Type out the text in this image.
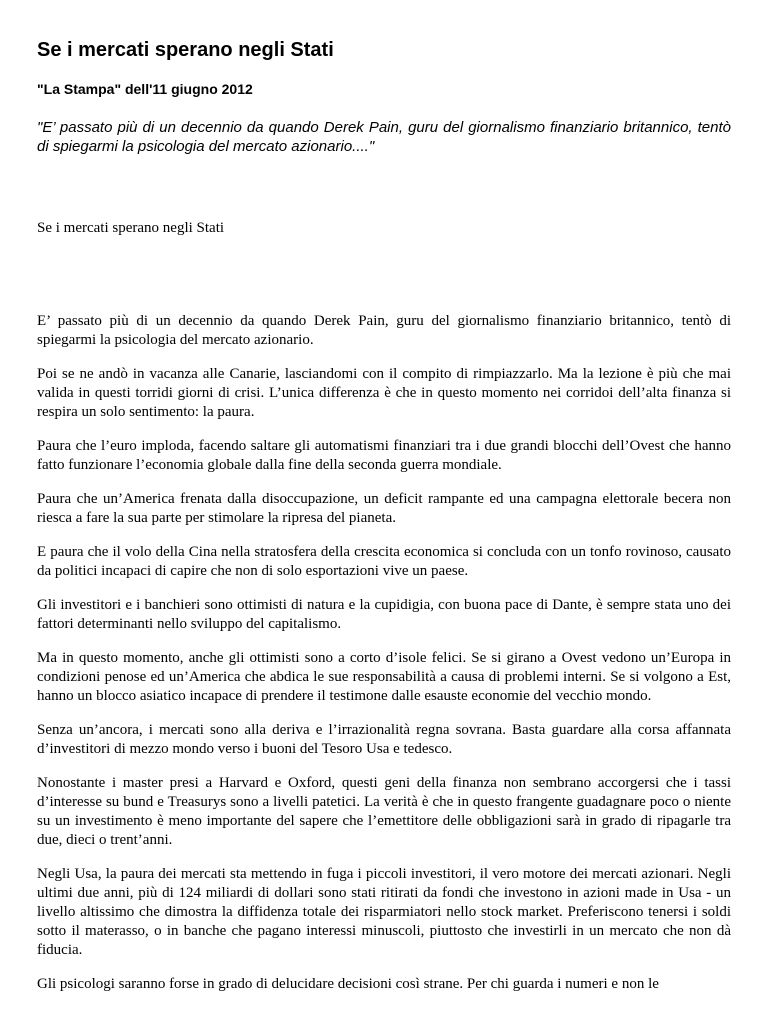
Se i mercati sperano negli Stati
"La Stampa" dell'11 giugno 2012
"E’ passato più di un decennio da quando Derek Pain, guru del giornalismo finanziario britannico, tentò di spiegarmi la psicologia del mercato azionario...."
Se i mercati sperano negli Stati

E’ passato più di un decennio da quando Derek Pain, guru del giornalismo finanziario britannico, tentò di spiegarmi la psicologia del mercato azionario.

Poi se ne andò in vacanza alle Canarie, lasciandomi con il compito di rimpiazzarlo. Ma la lezione è più che mai valida in questi torridi giorni di crisi. L’unica differenza è che in questo momento nei corridoi dell’alta finanza si respira un solo sentimento: la paura.

Paura che l’euro imploda, facendo saltare gli automatismi finanziari tra i due grandi blocchi dell’Ovest che hanno fatto funzionare l’economia globale dalla fine della seconda guerra mondiale.

Paura che un’America frenata dalla disoccupazione, un deficit rampante ed una campagna elettorale becera non riesca a fare la sua parte per stimolare la ripresa del pianeta.

E paura che il volo della Cina nella stratosfera della crescita economica si concluda con un tonfo rovinoso, causato da politici incapaci di capire che non di solo esportazioni vive un paese.

Gli investitori e i banchieri sono ottimisti di natura e la cupidigia, con buona pace di Dante, è sempre stata uno dei fattori determinanti nello sviluppo del capitalismo.

Ma in questo momento, anche gli ottimisti sono a corto d’isole felici. Se si girano a Ovest vedono un’Europa in condizioni penose ed un’America che abdica le sue responsabilità a causa di problemi interni. Se si volgono a Est, hanno un blocco asiatico incapace di prendere il testimone dalle esauste economie del vecchio mondo.

Senza un’ancora, i mercati sono alla deriva e l’irrazionalità regna sovrana. Basta guardare alla corsa affannata d’investitori di mezzo mondo verso i buoni del Tesoro Usa e tedesco.

Nonostante i master presi a Harvard e Oxford, questi geni della finanza non sembrano accorgersi che i tassi d’interesse su bund e Treasurys sono a livelli patetici. La verità è che in questo frangente guadagnare poco o niente su un investimento è meno importante del sapere che l’emettitore delle obbligazioni sarà in grado di ripagarle tra due, dieci o trent’anni.

Negli Usa, la paura dei mercati sta mettendo in fuga i piccoli investitori, il vero motore dei mercati azionari. Negli ultimi due anni, più di 124 miliardi di dollari sono stati ritirati da fondi che investono in azioni made in Usa - un livello altissimo che dimostra la diffidenza totale dei risparmiatori nello stock market. Preferiscono tenersi i soldi sotto il materasso, o in banche che pagano interessi minuscoli, piuttosto che investirli in un mercato che non dà fiducia.

Gli psicologi saranno forse in grado di delucidare decisioni così strane. Per chi guarda i numeri e non le
